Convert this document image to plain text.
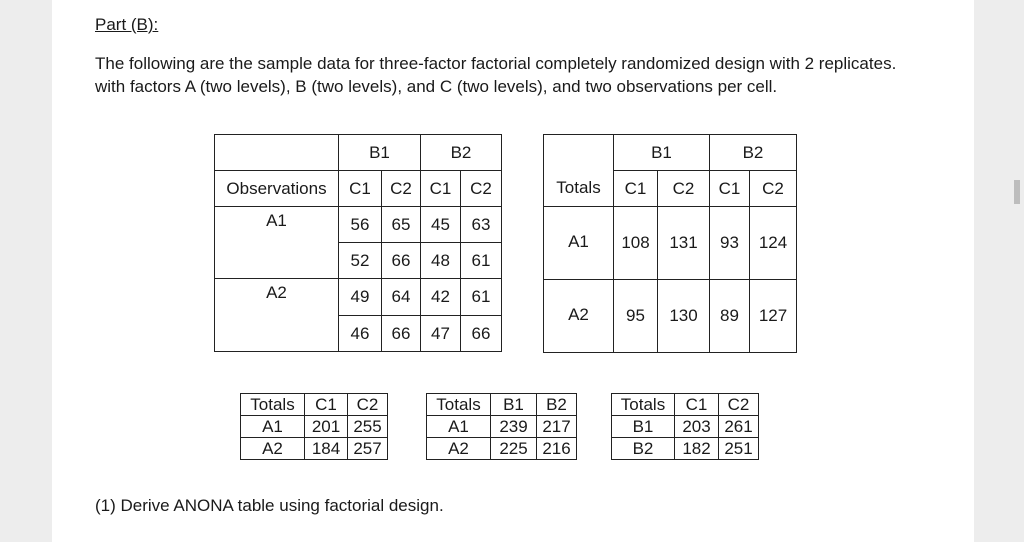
Part (B):
The following are the sample data for three-factor factorial completely randomized design with 2 replicates. with factors A (two levels), B (two levels), and C (two levels), and two observations per cell.
	B1		B2	
Observations	C1	C2	C1	C2
A1	56	65	45	63
	52	66	48	61
A2	49	64	42	61
	46	66	47	66
Totals	B1		B2	
	C1	C2	C1	C2
A1	108	131	93	124
A2	95	130	89	127
Totals	C1	C2
A1	201	255
A2	184	257
Totals	B1	B2
A1	239	217
A2	225	216
Totals	C1	C2
B1	203	261
B2	182	251
(1) Derive ANONA table using factorial design.
